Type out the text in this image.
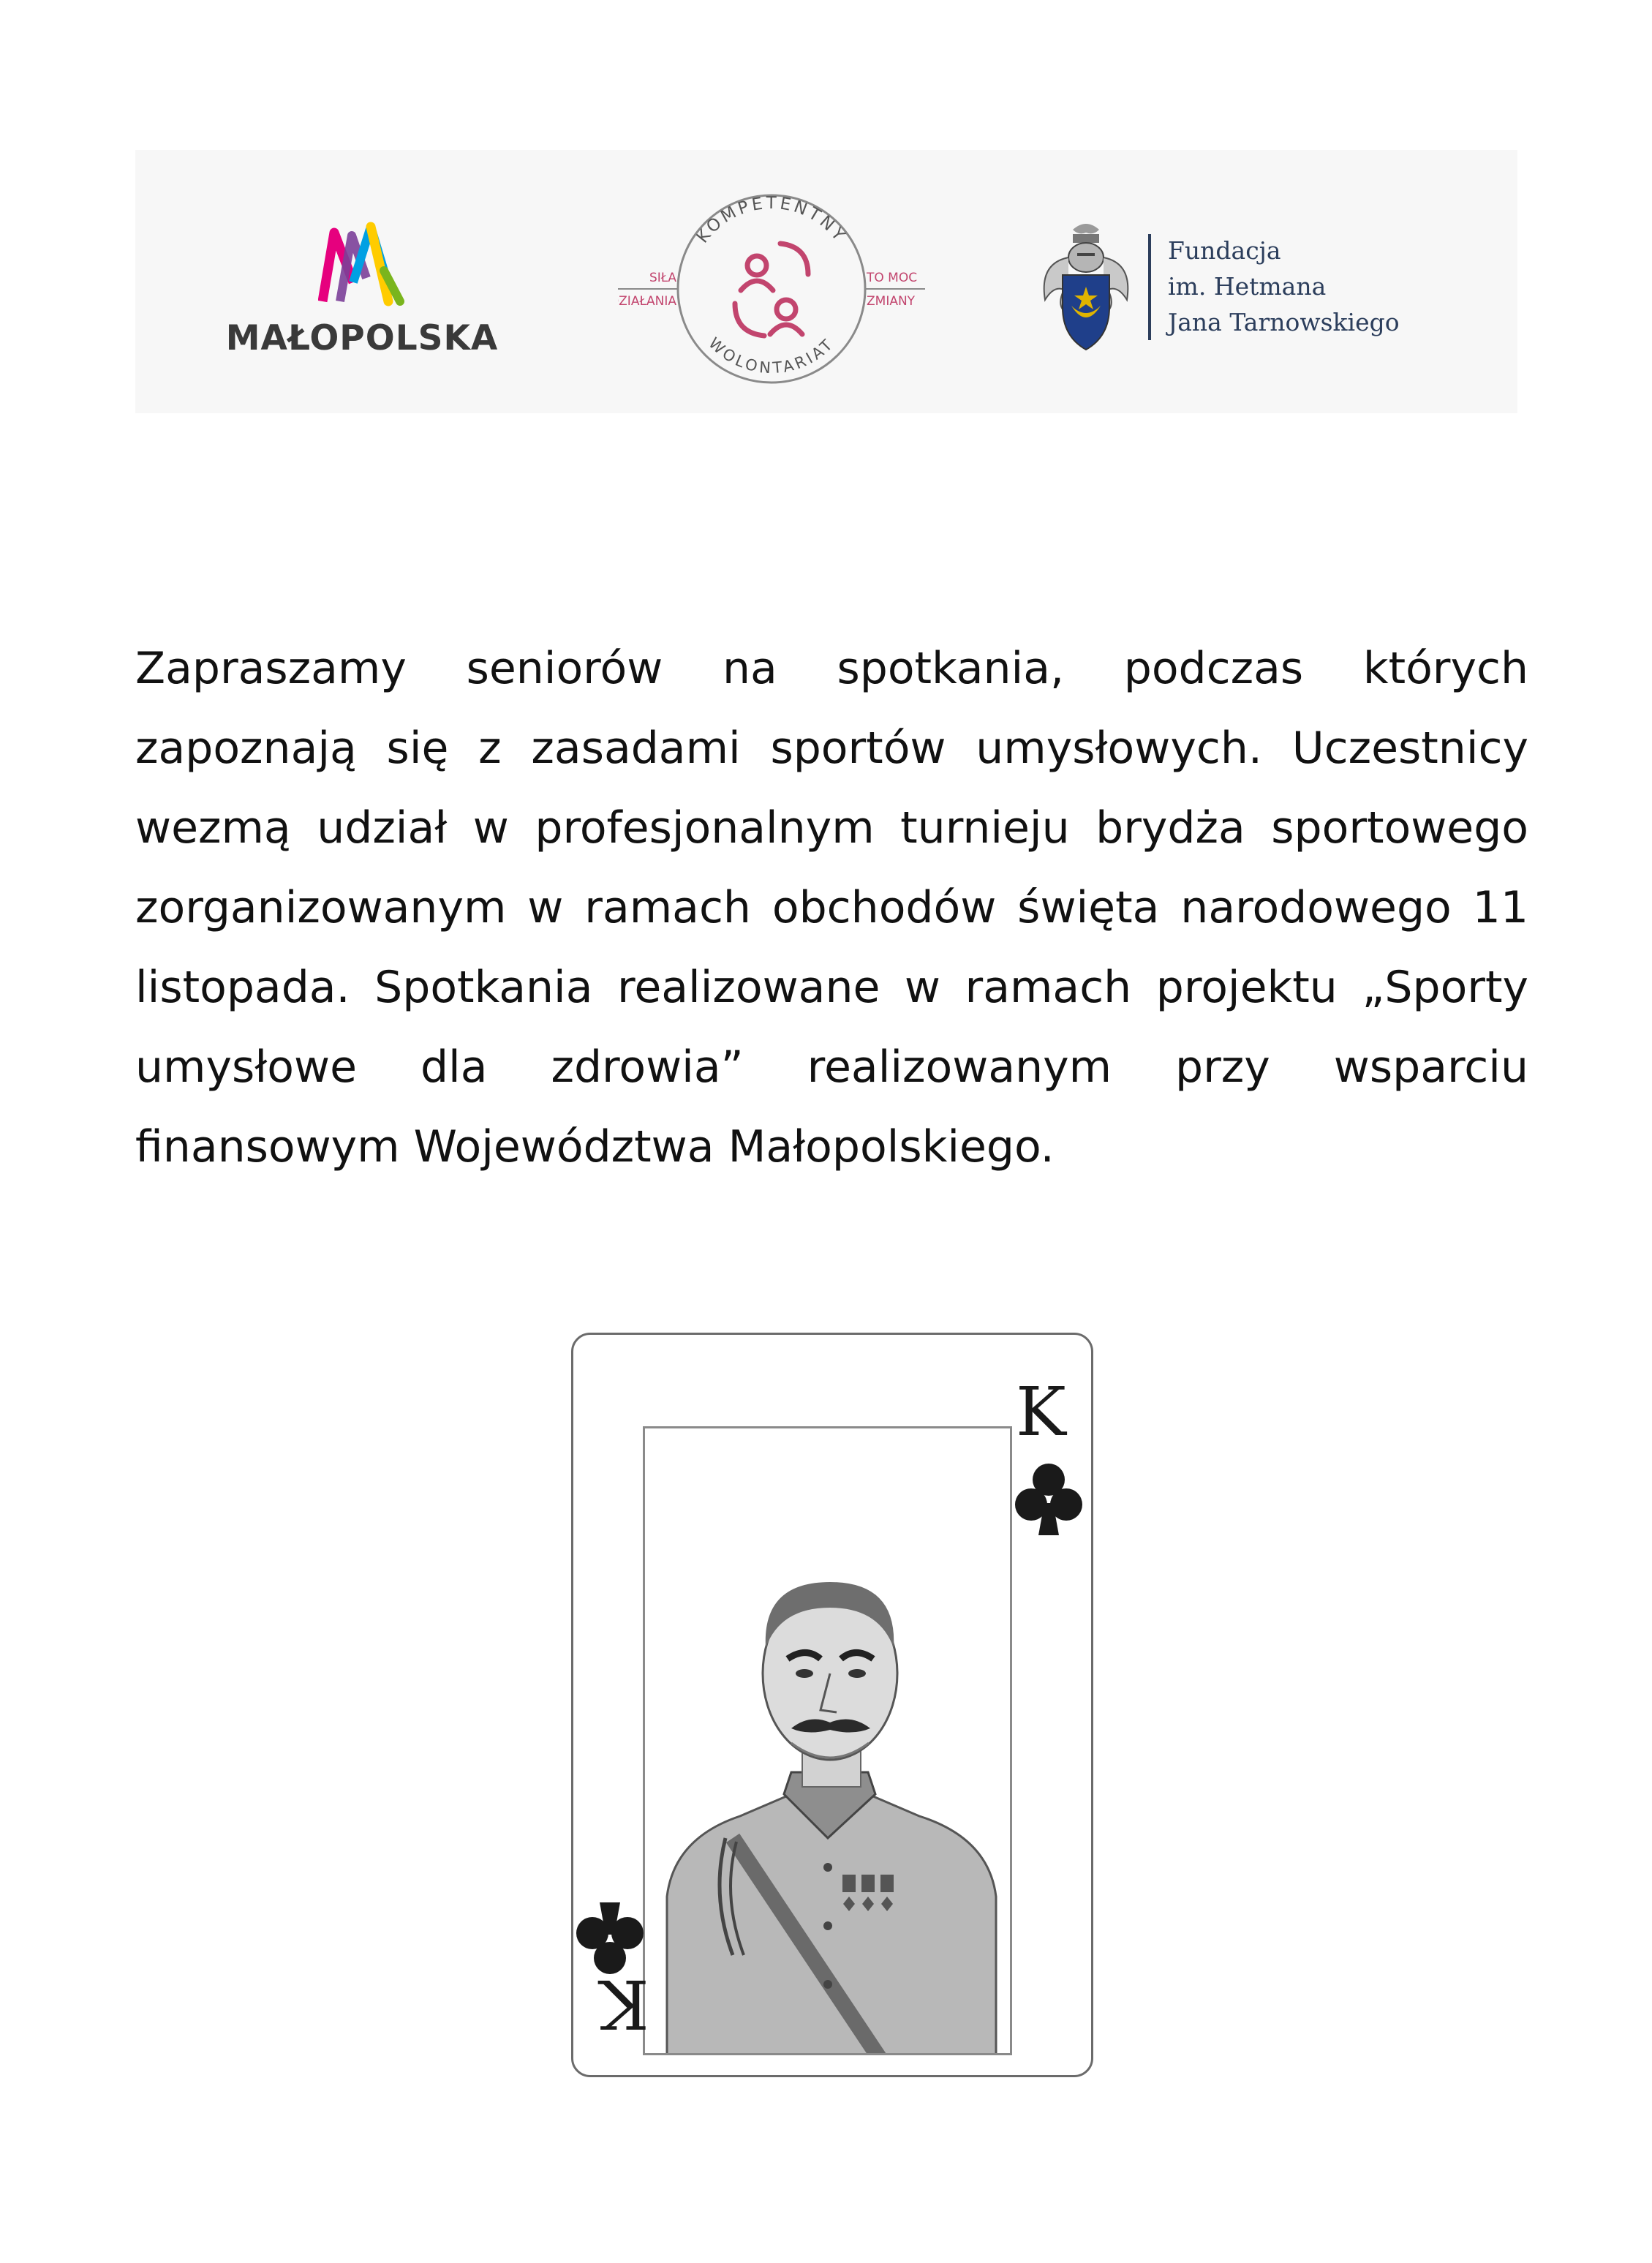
MAŁOPOLSKA
KOMPETENTNY
WOLONTARIAT
SIŁA
ZIAŁANIA
TO MOC
ZMIANY
Fundacja
im. Hetmana
Jana Tarnowskiego

Zapraszamy seniorów na spotkania, podczas których zapoznają się z zasadami sportów umysłowych. Uczestnicy wezmą udział w profesjonalnym turnieju brydża sportowego zorganizowanym w ramach obchodów święta narodowego 11 listopada. Spotkania realizowane w ramach projektu „Sporty umysłowe dla zdrowia” realizowanym przy wsparciu finansowym Województwa Małopolskiego.

K
K
